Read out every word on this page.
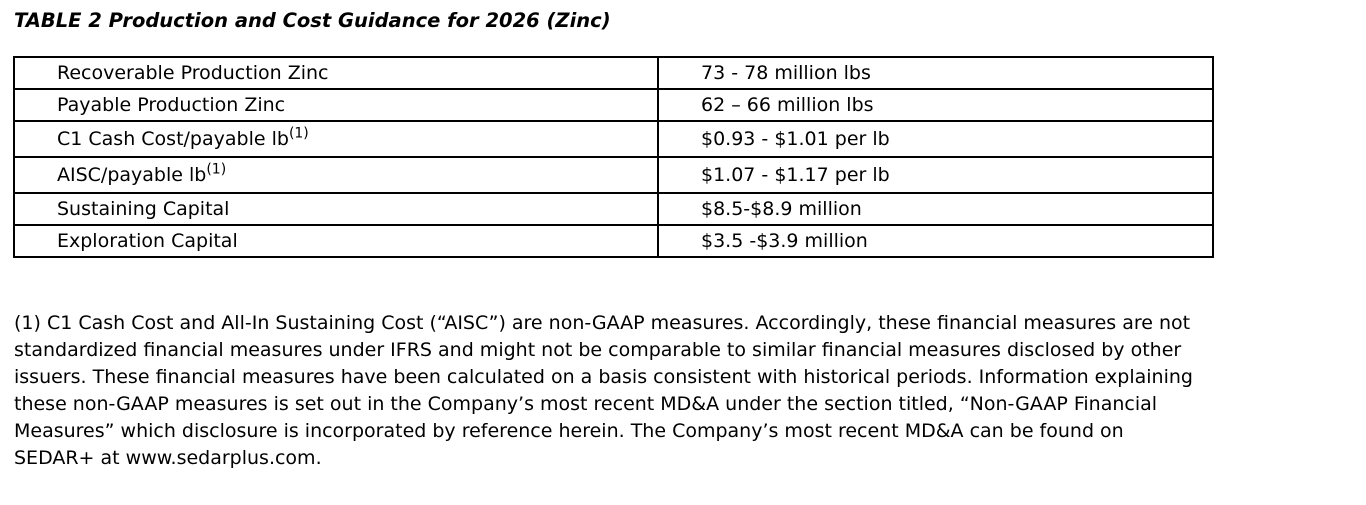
TABLE 2 Production and Cost Guidance for 2026 (Zinc)
Recoverable Production Zinc	73 - 78 million lbs
Payable Production Zinc	62 – 66 million lbs
C1 Cash Cost/payable $lb^{(1)}$	$0.93 - $1.01 per lb
AISC/payable $lb^{(1)}$	$1.07 - $1.17 per lb
Sustaining Capital	$8.5-$8.9 million
Exploration Capital	$3.5 -$3.9 million

(1) C1 Cash Cost and All-In Sustaining Cost (“AISC”) are non-GAAP measures. Accordingly, these financial measures are not standardized financial measures under IFRS and might not be comparable to similar financial measures disclosed by other issuers. These financial measures have been calculated on a basis consistent with historical periods. Information explaining these non-GAAP measures is set out in the Company’s most recent MD&A under the section titled, “Non-GAAP Financial Measures” which disclosure is incorporated by reference herein. The Company’s most recent MD&A can be found on SEDAR+ at www.sedarplus.com.
